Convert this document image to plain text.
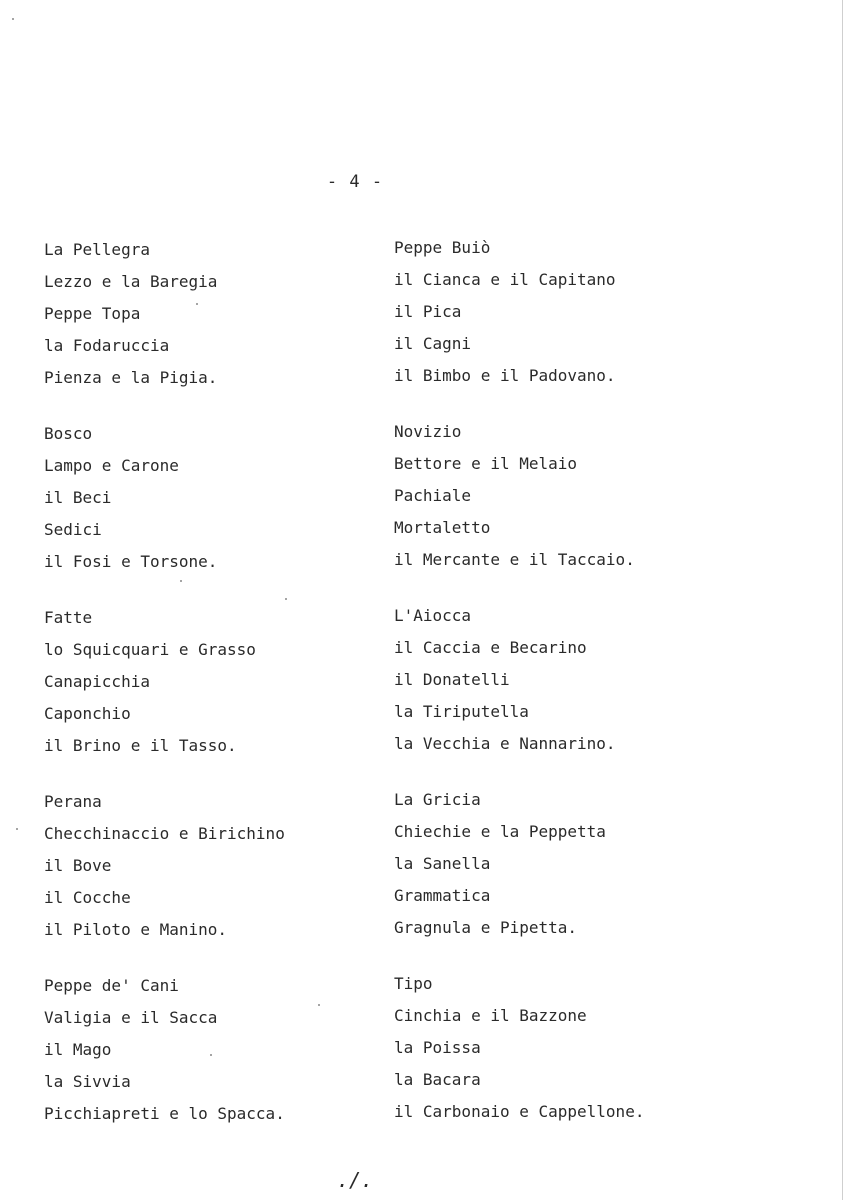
- 4 -
La Pellegra
Lezzo e la Baregia
Peppe Topa
la Fodaruccia
Pienza e la Pigia.
Bosco
Lampo e Carone
il Beci
Sedici
il Fosi e Torsone.
Fatte
lo Squicquari e Grasso
Canapicchia
Caponchio
il Brino e il Tasso.
Perana
Checchinaccio e Birichino
il Bove
il Cocche
il Piloto e Manino.
Peppe de' Cani
Valigia e il Sacca
il Mago
la Sivvia
Picchiapreti e lo Spacca.
Peppe Buiò
il Cianca e il Capitano
il Pica
il Cagni
il Bimbo e il Padovano.
Novizio
Bettore e il Melaio
Pachiale
Mortaletto
il Mercante e il Taccaio.
L'Aiocca
il Caccia e Becarino
il Donatelli
la Tiriputella
la Vecchia e Nannarino.
La Gricia
Chiechie e la Peppetta
la Sanella
Grammatica
Gragnula e Pipetta.
Tipo
Cinchia e il Bazzone
la Poissa
la Bacara
il Carbonaio e Cappellone.
./.
